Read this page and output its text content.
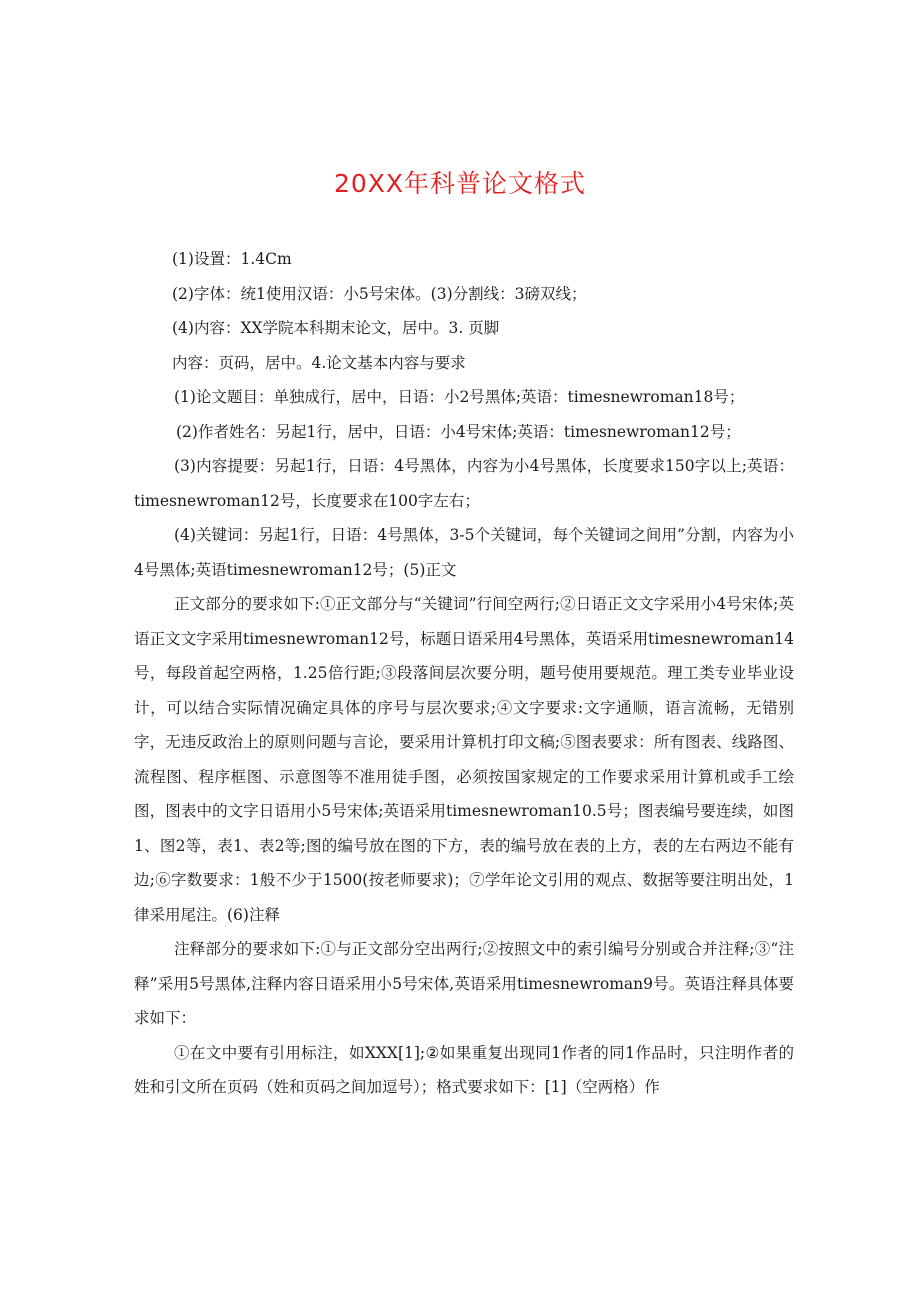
20XX年科普论文格式

(1)设置：1.4Cm

(2)字体：统1使用汉语：小5号宋体。(3)分割线：3磅双线；

(4)内容：XX学院本科期末论文，居中。3. 页脚

内容：页码，居中。4.论文基本内容与要求

(1)论文题目：单独成行，居中，日语：小2号黑体;英语：timesnewroman18号；

(2)作者姓名：另起1行，居中，日语：小4号宋体;英语：timesnewroman12号；

(3)内容提要：另起1行，日语：4号黑体，内容为小4号黑体，长度要求150字以上;英语：timesnewroman12号，长度要求在100字左右；

(4)关键词：另起1行，日语：4号黑体，3-5个关键词，每个关键词之间用”分割，内容为小4号黑体;英语timesnewroman12号；(5)正文

正文部分的要求如下:①正文部分与“关键词”行间空两行;②日语正文文字采用小4号宋体;英语正文文字采用timesnewroman12号，标题日语采用4号黑体，英语采用timesnewroman14号，每段首起空两格，1.25倍行距;③段落间层次要分明，题号使用要规范。理工类专业毕业设计，可以结合实际情况确定具体的序号与层次要求;④文字要求:文字通顺，语言流畅，无错别字，无违反政治上的原则问题与言论，要采用计算机打印文稿;⑤图表要求：所有图表、线路图、流程图、程序框图、示意图等不准用徒手图，必须按国家规定的工作要求采用计算机或手工绘图，图表中的文字日语用小5号宋体;英语采用timesnewroman10.5号；图表编号要连续，如图1、图2等，表1、表2等;图的编号放在图的下方，表的编号放在表的上方，表的左右两边不能有边;⑥字数要求：1般不少于1500(按老师要求)；⑦学年论文引用的观点、数据等要注明出处，1律采用尾注。(6)注释

注释部分的要求如下:①与正文部分空出两行;②按照文中的索引编号分别或合并注释;③“注释”采用5号黑体,注释内容日语采用小5号宋体,英语采用timesnewroman9号。英语注释具体要求如下：

①在文中要有引用标注，如XXX[1];②如果重复出现同1作者的同1作品时，只注明作者的姓和引文所在页码（姓和页码之间加逗号）；格式要求如下：[1]（空两格）作
